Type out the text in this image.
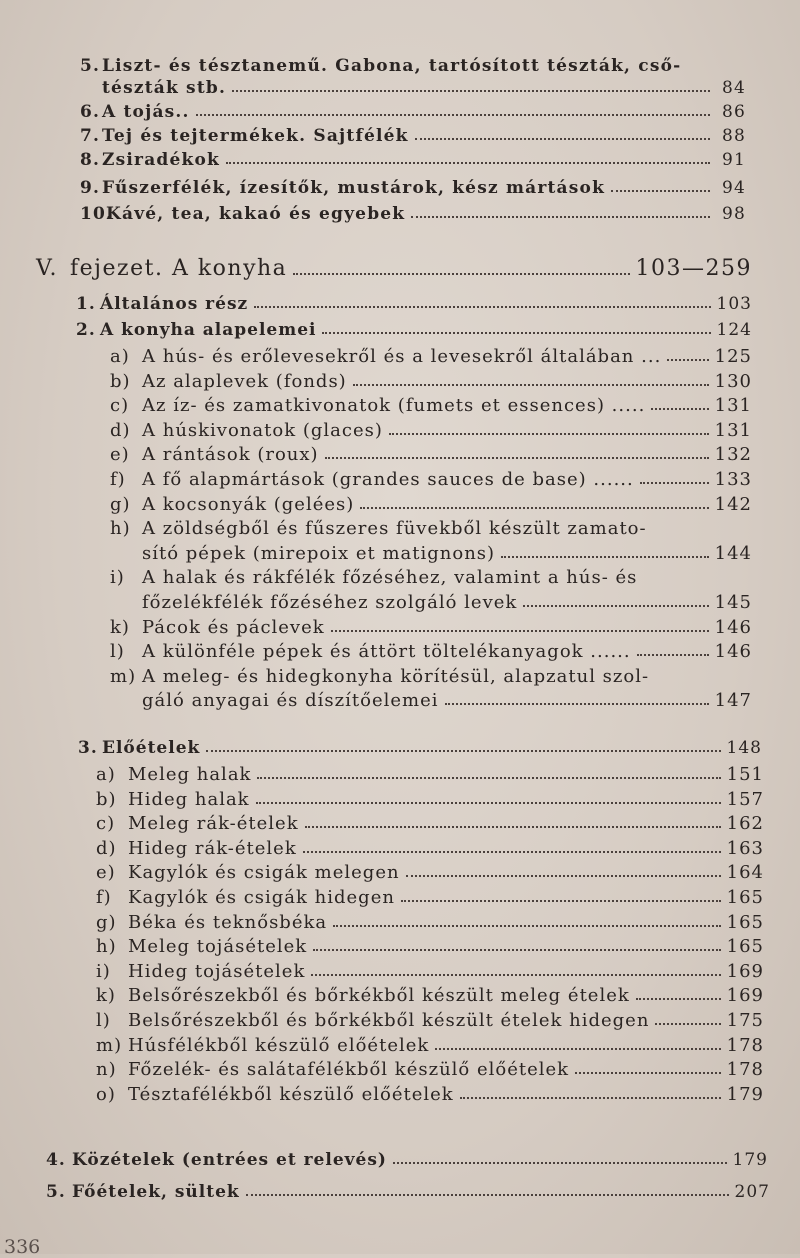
5. Liszt- és tésztanemű. Gabona, tartósított tészták, cső-
tészták stb.	84
6. A tojás..	86
7. Tej és tejtermékek. Sajtfélék	88
8. Zsiradékok	91
9. Fűszerfélék, ízesítők, mustárok, kész mártások	94
10.
Kávé, tea, kakaó és egyebek	98
V. fejezet. A konyha	103—259
1. Általános rész	103
2. A konyha alapelemei	124
a) A hús- és erőlevesekről és a levesekről általában ...	125
b) Az alaplevek (fonds)	130
c) Az íz- és zamatkivonatok (fumets et essences) .....	131
d) A húskivonatok (glaces)	131
e) A rántások (roux)	132
f) A fő alapmártások (grandes sauces de base) ......	133
g) A kocsonyák (gelées)	142
h) A zöldségből és fűszeres füvekből készült zamato-
sító pépek (mirepoix et matignons)	144
i) A halak és rákfélék főzéséhez, valamint a hús- és
főzelékfélék főzéséhez szolgáló levek	145
k) Pácok és páclevek	146
l) A különféle pépek és áttört töltelékanyagok ......	146
m) A meleg- és hidegkonyha körítésül, alapzatul szol-
gáló anyagai és díszítőelemei	147
3. Előételek	148
a) Meleg halak	151
b) Hideg halak	157
c) Meleg rák-ételek	162
d) Hideg rák-ételek	163
e) Kagylók és csigák melegen	164
f) Kagylók és csigák hidegen	165
g) Béka és teknősbéka	165
h) Meleg tojásételek	165
i) Hideg tojásételek	169
k) Belsőrészekből és bőrkékből készült meleg ételek	169
l) Belsőrészekből és bőrkékből készült ételek hidegen	175
m) Húsfélékből készülő előételek	178
n) Főzelék- és salátafélékből készülő előételek	178
o) Tésztafélékből készülő előételek	179
4. Közételek (entrées et relevés)	179
5. Főételek, sültek	207
336
